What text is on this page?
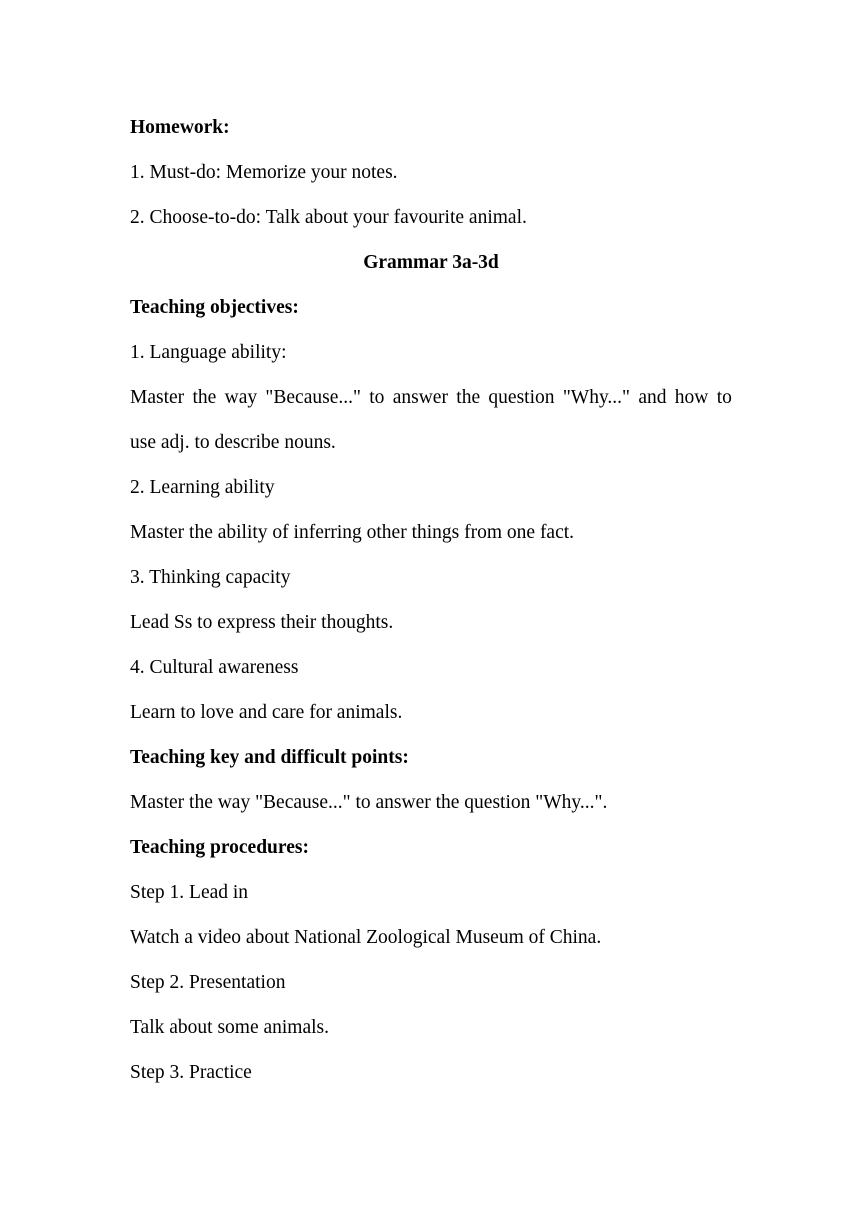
Homework:
1. Must-do: Memorize your notes.
2. Choose-to-do: Talk about your favourite animal.
Grammar 3a-3d
Teaching objectives:
1. Language ability:
Master the way "Because..." to answer the question "Why..." and how to
use adj. to describe nouns.
2. Learning ability
Master the ability of inferring other things from one fact.
3. Thinking capacity
Lead Ss to express their thoughts.
4. Cultural awareness
Learn to love and care for animals.
Teaching key and difficult points:
Master the way "Because..." to answer the question "Why...".
Teaching procedures:
Step 1. Lead in
Watch a video about National Zoological Museum of China.
Step 2. Presentation
Talk about some animals.
Step 3. Practice
